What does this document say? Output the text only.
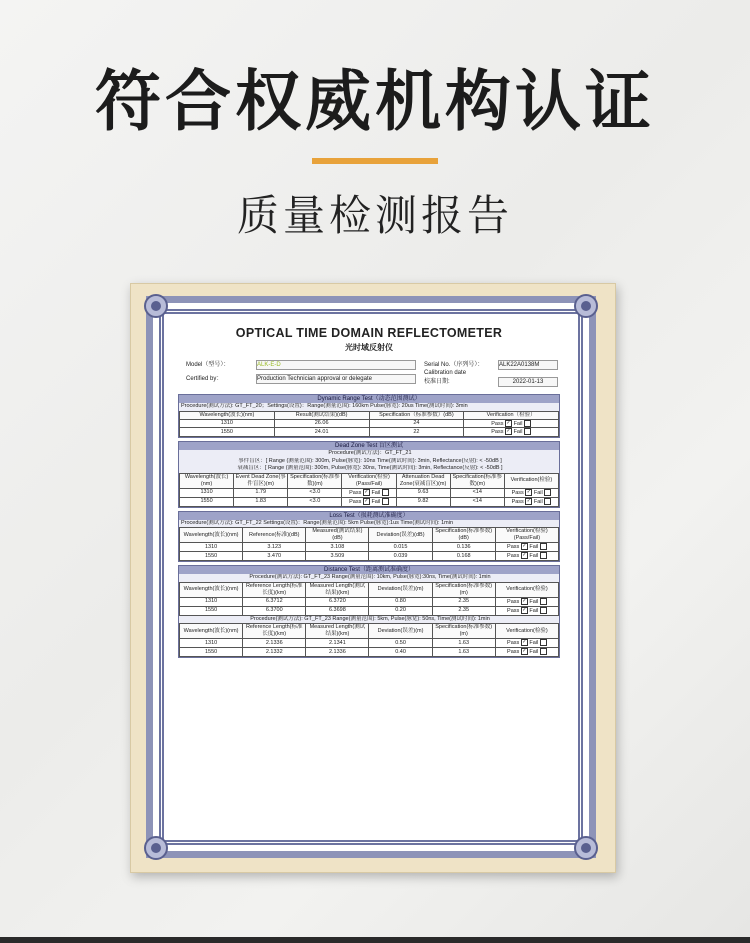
符合权威机构认证
质量检测报告
OPTICAL TIME DOMAIN REFLECTOMETER
光时域反射仪
Model（型号）：	ALK-E-D	Serial No.（序列号）：	ALK22A0138M
Certified by：	Production Technician approval or delegate
Calibration date
校准日期:	2022-01-13
Dynamic Range Test（动态范围测试）
Procedure(测试方法): GT_FT_20；Settings(设置)：Range(测量范围): 160km Pulse(脉宽): 20us Time(测试时间): 3min
Wavelength(波长)(nm)	Result(测试结果)(dB)	Specification（标准参数）(dB)	Verification（检验）
1310	26.06	24	Pass ✓ Fail
1550	24.01	22	Pass ✓ Fail
Dead Zone Test 盲区测试
Procedure(测试方法)：GT_FT_21
事件盲区：[ Range (测量范围): 300m, Pulse(脉宽): 10ns Time(测试时间): 3min, Reflectance(反射): < -50dB ]
衰减盲区：[ Range (测量范围): 300m, Pulse(脉宽): 30ns, Time(测试时间): 3min, Reflectance(反射): < -50dB ]
Wavelength(波长)(nm)	Event Dead Zone(事件盲区)(m)	Specification(标准参数)(m)	Verification(检验)(Pass/Fail)	Attenuation Dead Zone(衰减盲区)(m)	Specification(标准参数)(m)	Verification(检验)
1310	1.79	<3.0	Pass ✓ Fail	9.63	<14	Pass ✓ Fail
1550	1.83	<3.0	Pass ✓ Fail	9.82	<14	Pass ✓ Fail
Loss Test（损耗测试准确度）
Procedure(测试方法): GT_FT_22 Settings(设置)：Range(测量范围): 5km Pulse(脉宽):1us Time(测试时间): 1min
Wavelength(波长)(nm)	Reference(标准)(dB)	Measured(测试结果)(dB)	Deviation(误差)(dB)	Specification(标准参数)(dB)	Verification(检验)(Pass/Fail)
1310	3.123	3.108	0.015	0.136	Pass ✓ Fail
1550	3.470	3.509	0.039	0.168	Pass ✓ Fail
Distance Test（距离测试准确度）
Procedure(测试方法): GT_FT_23 Range(测量范围): 10km, Pulse(脉宽):30ns, Time(测试时间): 1min
Wavelength(波长)(nm)	Reference Length(标准长度)(km)	Measured Length(测试结果)(km)	Deviation(误差)(m)	Specification(标准参数)(m)	Verification(检验)
1310	6.3712	6.3720	0.80	2.35	Pass ✓ Fail
1550	6.3700	6.3698	0.20	2.35	Pass ✓ Fail
Procedure(测试方法): GT_FT_23 Range(测量范围): 5km, Pulse(脉宽): 50ns, Time(测试时间): 1min
Wavelength(波长)(nm)	Reference Length(标准长度)(km)	Measured Length(测试结果)(km)	Deviation(误差)(m)	Specification(标准参数)(m)	Verification(检验)
1310	2.1336	2.1341	0.50	1.63	Pass ✓ Fail
1550	2.1332	2.1336	0.40	1.63	Pass ✓ Fail
